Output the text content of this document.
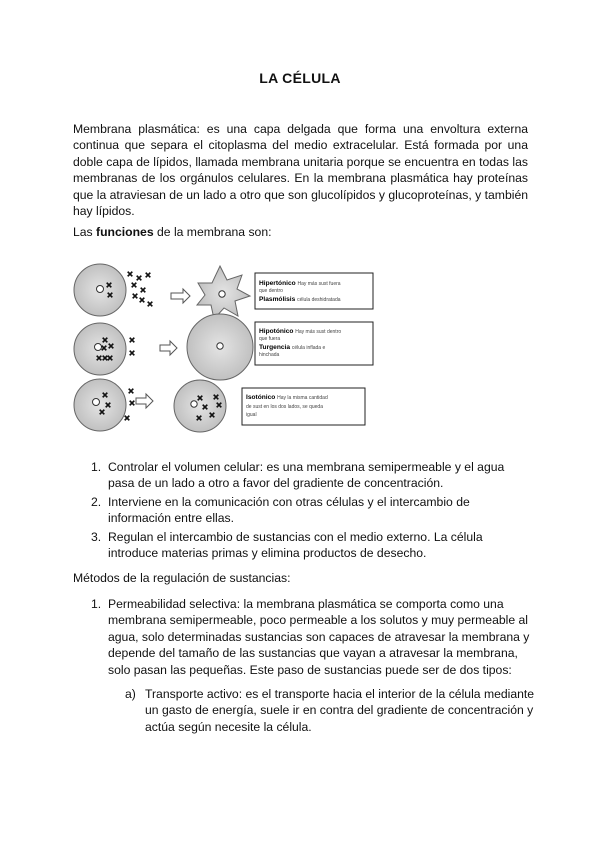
LA CÉLULA
Membrana plasmática: es una capa delgada que forma una envoltura externa continua que separa el citoplasma del medio extracelular. Está formada por una doble capa de lípidos, llamada membrana unitaria porque se encuentra en todas las membranas de los orgánulos celulares. En la membrana plasmática hay proteínas que la atraviesan de un lado a otro que son glucolípidos y glucoproteínas, y también hay lípidos.
Las funciones de la membrana son:
Hipertónico Hay más sust fuera
que dentro
Plasmólisis célula deshidratada
Hipotónico Hay más sust dentro
que fuera
Turgencia célula inflada e
hinchada
Isotónico Hay la misma cantidad
de sust en los dos lados, se queda
igual
1. Controlar el volumen celular: es una membrana semipermeable y el agua pasa de un lado a otro a favor del gradiente de concentración.
2. Interviene en la comunicación con otras células y el intercambio de información entre ellas.
3. Regulan el intercambio de sustancias con el medio externo. La célula introduce materias primas y elimina productos de desecho.
Métodos de la regulación de sustancias:
1. Permeabilidad selectiva: la membrana plasmática se comporta como una membrana semipermeable, poco permeable a los solutos y muy permeable al agua, solo determinadas sustancias son capaces de atravesar la membrana y depende del tamaño de las sustancias que vayan a atravesar la membrana, solo pasan las pequeñas. Este paso de sustancias puede ser de dos tipos:
a) Transporte activo: es el transporte hacia el interior de la célula mediante un gasto de energía, suele ir en contra del gradiente de concentración y actúa según necesite la célula.
